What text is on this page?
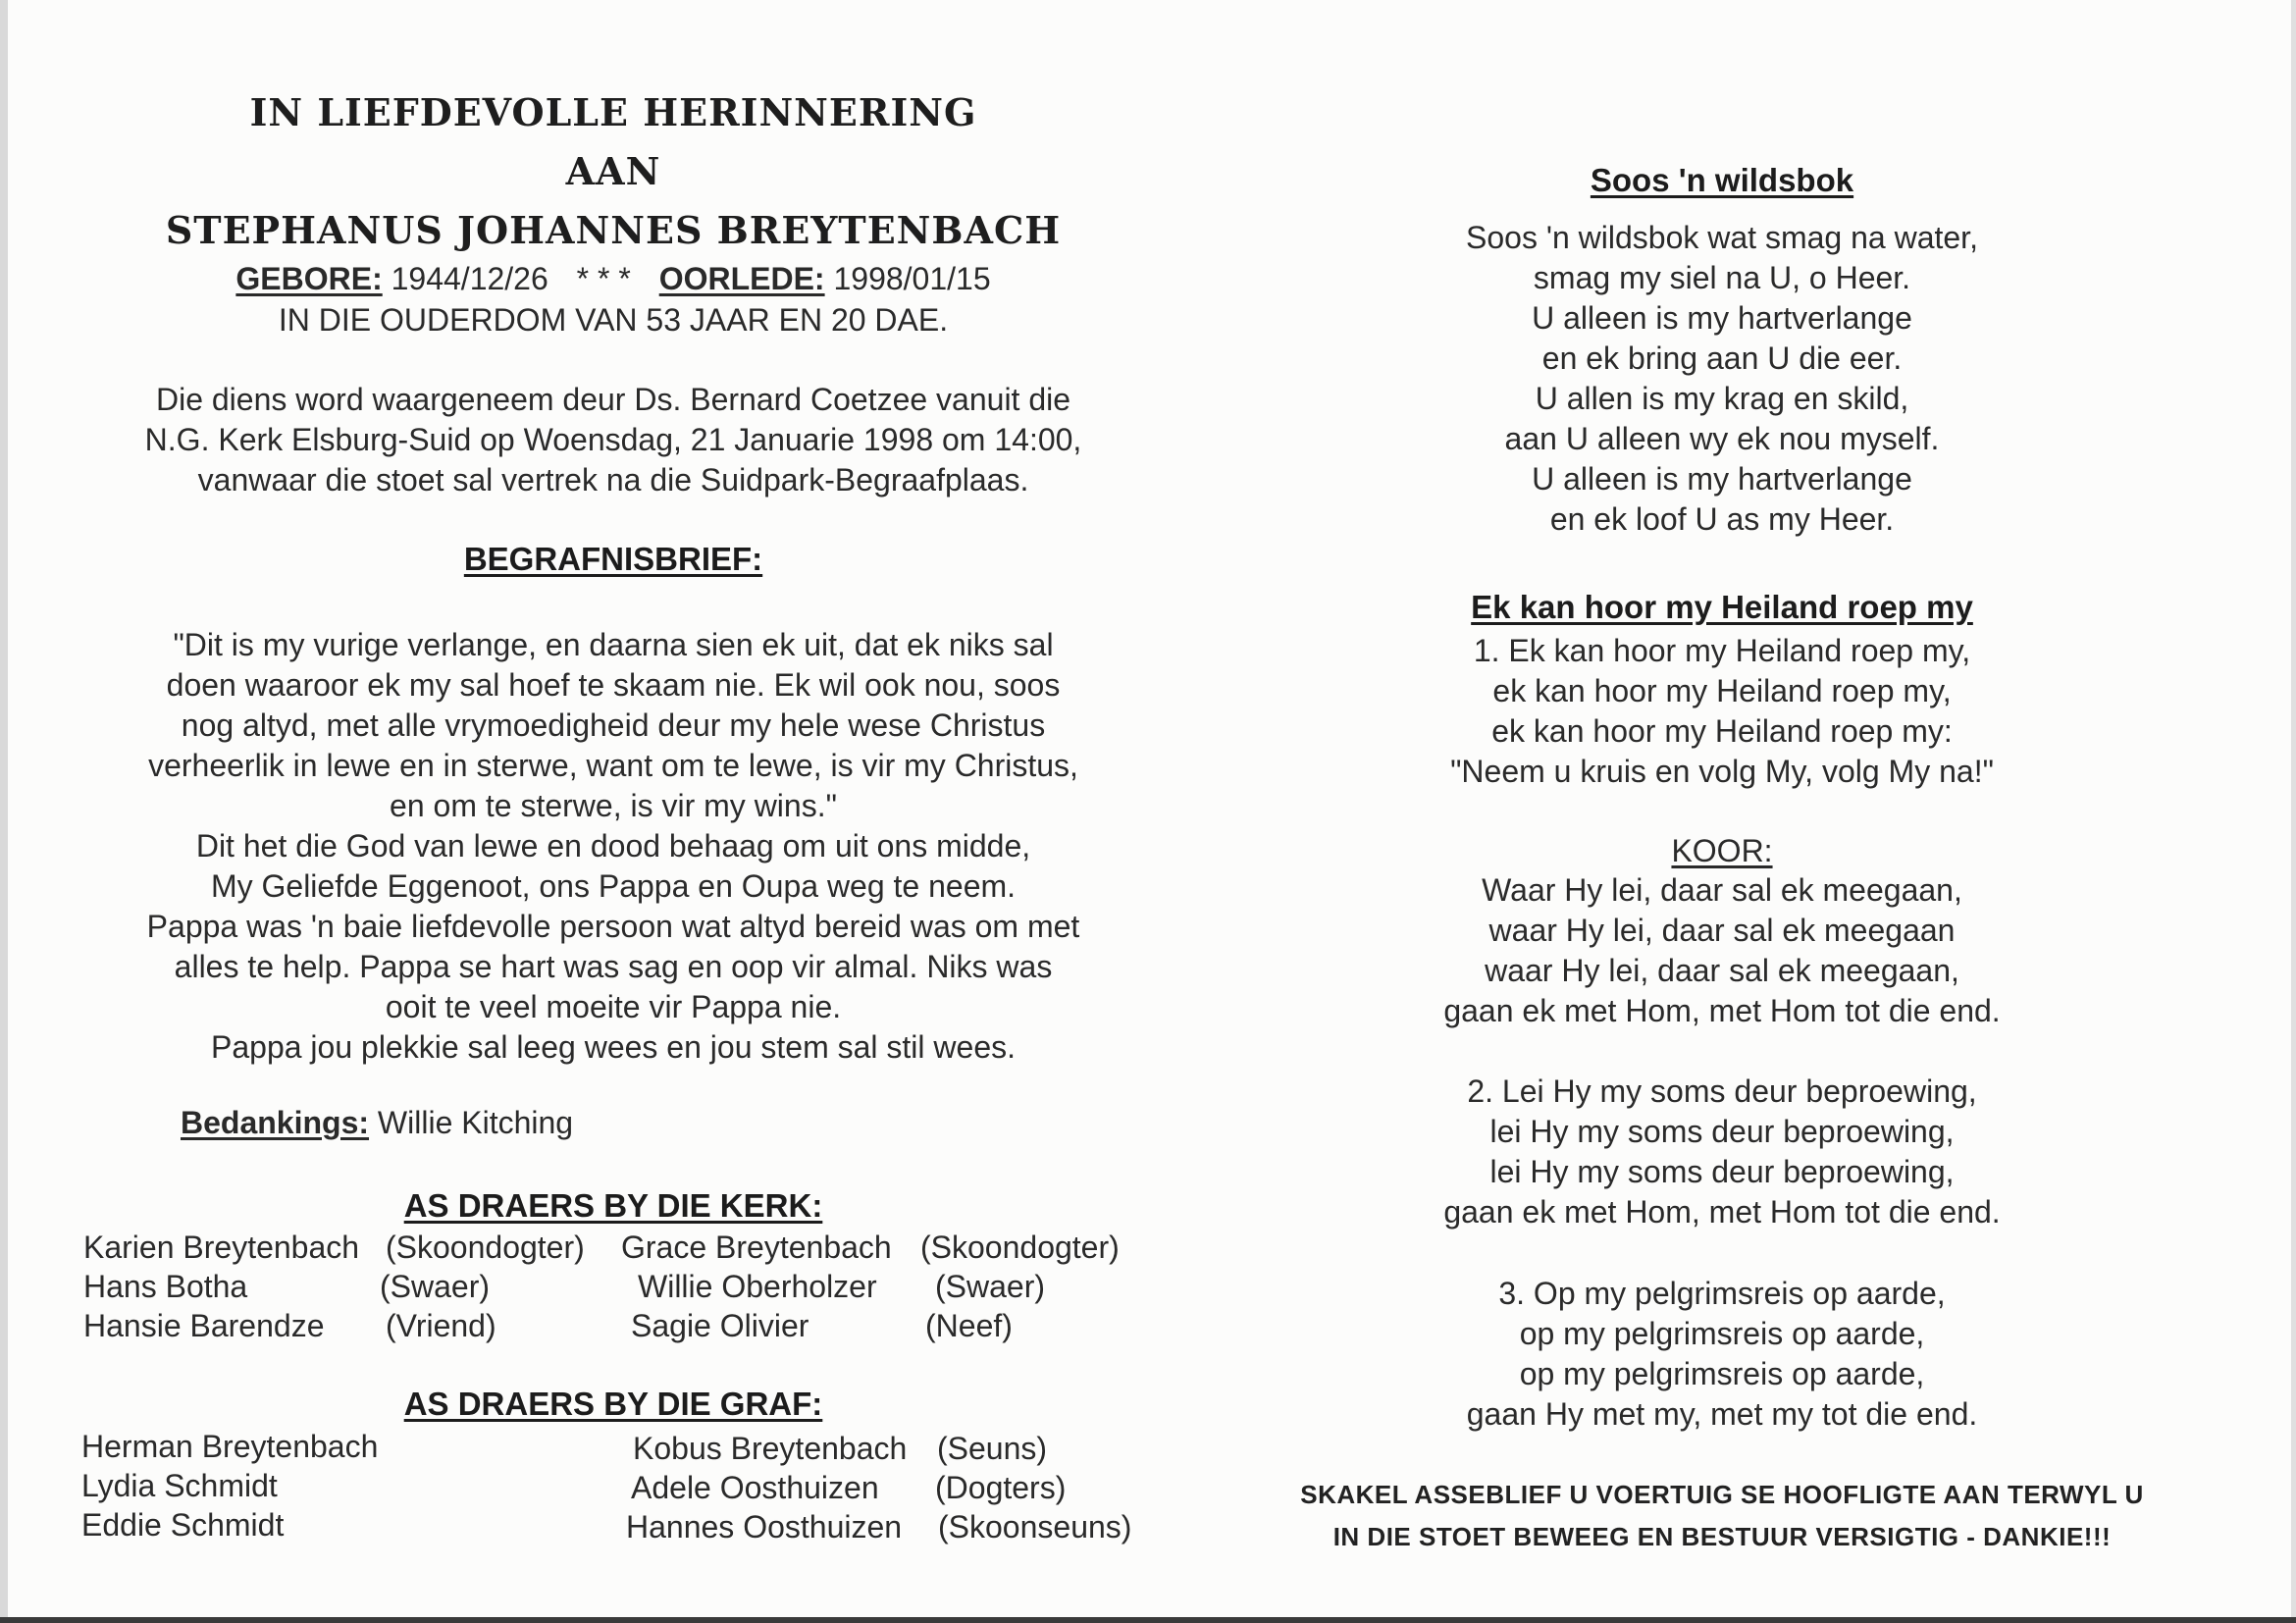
IN LIEFDEVOLLE HERINNERING
AAN
STEPHANUS JOHANNES BREYTENBACH
GEBORE: 1944/12/26 * * * OORLEDE: 1998/01/15
IN DIE OUDERDOM VAN 53 JAAR EN 20 DAE.
Die diens word waargeneem deur Ds. Bernard Coetzee vanuit die
N.G. Kerk Elsburg-Suid op Woensdag, 21 Januarie 1998 om 14:00,
vanwaar die stoet sal vertrek na die Suidpark-Begraafplaas.
BEGRAFNISBRIEF:
"Dit is my vurige verlange, en daarna sien ek uit, dat ek niks sal
doen waaroor ek my sal hoef te skaam nie. Ek wil ook nou, soos
nog altyd, met alle vrymoedigheid deur my hele wese Christus
verheerlik in lewe en in sterwe, want om te lewe, is vir my Christus,
en om te sterwe, is vir my wins."
Dit het die God van lewe en dood behaag om uit ons midde,
My Geliefde Eggenoot, ons Pappa en Oupa weg te neem.
Pappa was 'n baie liefdevolle persoon wat altyd bereid was om met
alles te help. Pappa se hart was sag en oop vir almal. Niks was
ooit te veel moeite vir Pappa nie.
Pappa jou plekkie sal leeg wees en jou stem sal stil wees.
Bedankings: Willie Kitching
AS DRAERS BY DIE KERK:
Karien Breytenbach (Skoondogter) Grace Breytenbach (Skoondogter)
Hans Botha	(Swaer)	Willie Oberholzer (Swaer)
Hansie Barendze (Vriend)	Sagie Olivier	(Neef)
AS DRAERS BY DIE GRAF:
Herman Breytenbach	Kobus Breytenbach (Seuns)
Lydia Schmidt	Adele Oosthuizen (Dogters)
Eddie Schmidt	Hannes Oosthuizen (Skoonseuns)
Soos 'n wildsbok
Soos 'n wildsbok wat smag na water,
smag my siel na U, o Heer.
U alleen is my hartverlange
en ek bring aan U die eer.
U allen is my krag en skild,
aan U alleen wy ek nou myself.
U alleen is my hartverlange
en ek loof U as my Heer.
Ek kan hoor my Heiland roep my
1. Ek kan hoor my Heiland roep my,
ek kan hoor my Heiland roep my,
ek kan hoor my Heiland roep my:
"Neem u kruis en volg My, volg My na!"
KOOR:
Waar Hy lei, daar sal ek meegaan,
waar Hy lei, daar sal ek meegaan
waar Hy lei, daar sal ek meegaan,
gaan ek met Hom, met Hom tot die end.
2. Lei Hy my soms deur beproewing,
lei Hy my soms deur beproewing,
lei Hy my soms deur beproewing,
gaan ek met Hom, met Hom tot die end.
3. Op my pelgrimsreis op aarde,
op my pelgrimsreis op aarde,
op my pelgrimsreis op aarde,
gaan Hy met my, met my tot die end.
SKAKEL ASSEBLIEF U VOERTUIG SE HOOFLIGTE AAN TERWYL U
IN DIE STOET BEWEEG EN BESTUUR VERSIGTIG - DANKIE!!!
